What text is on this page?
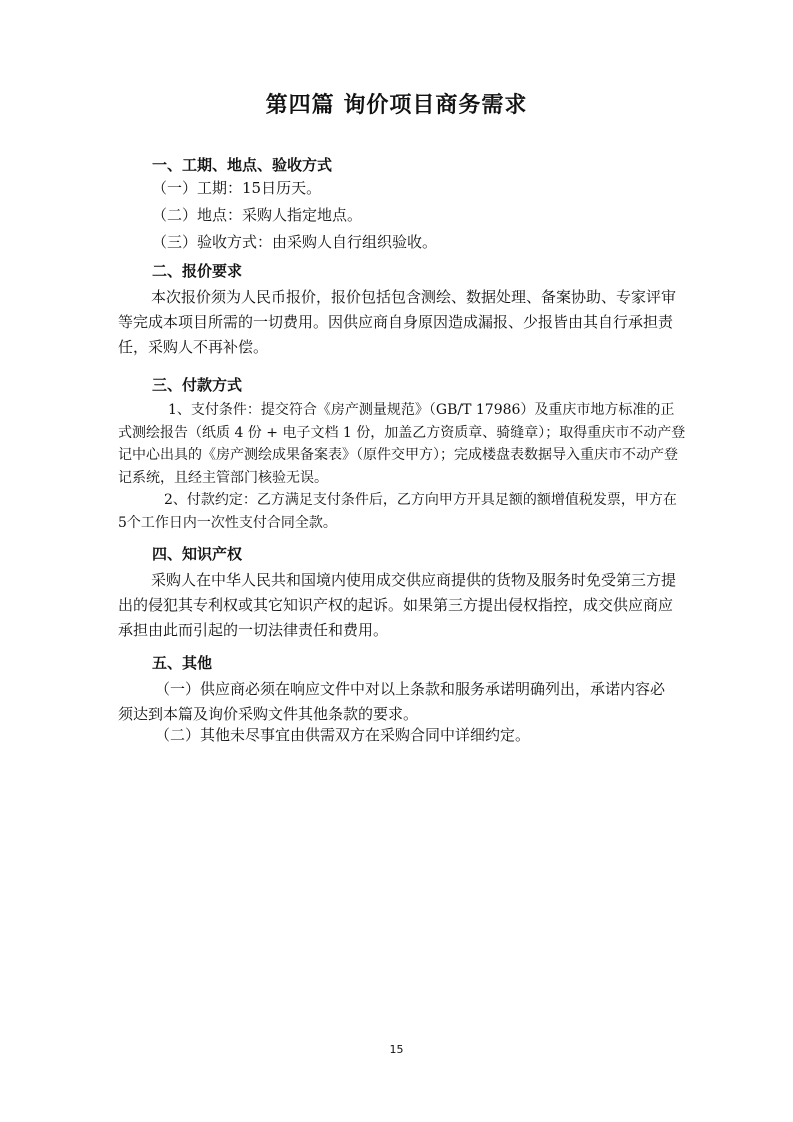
第四篇 询价项目商务需求
一、工期、地点、验收方式
（一）工期：15日历天。
（二）地点：采购人指定地点。
（三）验收方式：由采购人自行组织验收。
二、报价要求
本次报价须为人民币报价，报价包括包含测绘、数据处理、备案协助、专家评审等完成本项目所需的一切费用。因供应商自身原因造成漏报、少报皆由其自行承担责任，采购人不再补偿。
三、付款方式
1、支付条件：提交符合《房产测量规范》（GB/T 17986）及重庆市地方标准的正式测绘报告（纸质 4 份 + 电子文档 1 份，加盖乙方资质章、骑缝章）；取得重庆市不动产登记中心出具的《房产测绘成果备案表》（原件交甲方）；完成楼盘表数据导入重庆市不动产登记系统，且经主管部门核验无误。
2、付款约定：乙方满足支付条件后，乙方向甲方开具足额的额增值税发票，甲方在 5个工作日内一次性支付合同全款。
四、知识产权
采购人在中华人民共和国境内使用成交供应商提供的货物及服务时免受第三方提出的侵犯其专利权或其它知识产权的起诉。如果第三方提出侵权指控，成交供应商应承担由此而引起的一切法律责任和费用。
五、其他
（一）供应商必须在响应文件中对以上条款和服务承诺明确列出，承诺内容必须达到本篇及询价采购文件其他条款的要求。
（二）其他未尽事宜由供需双方在采购合同中详细约定。
15
